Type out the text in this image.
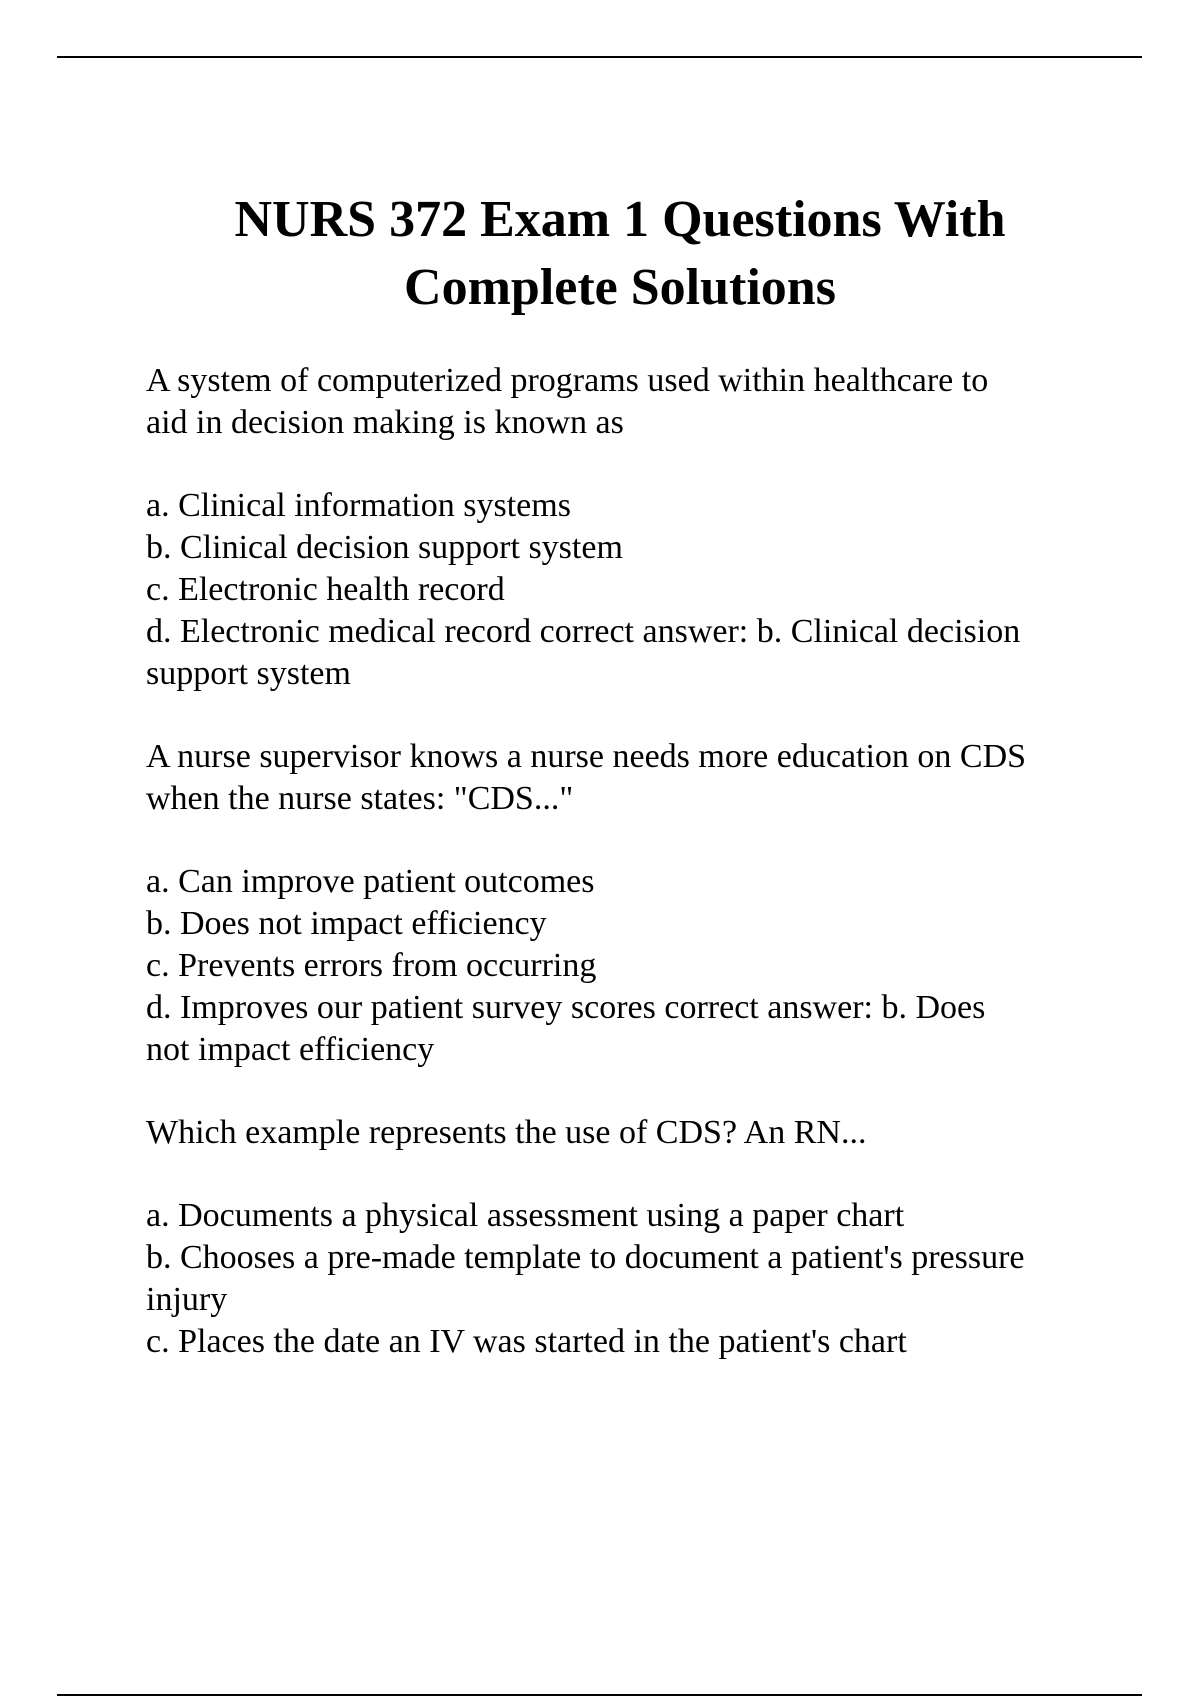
NURS 372 Exam 1 Questions With
Complete Solutions
A system of computerized programs used within healthcare to
aid in decision making is known as
a. Clinical information systems
b. Clinical decision support system
c. Electronic health record
d. Electronic medical record correct answer: b. Clinical decision
support system
A nurse supervisor knows a nurse needs more education on CDS
when the nurse states: "CDS..."
a. Can improve patient outcomes
b. Does not impact efficiency
c. Prevents errors from occurring
d. Improves our patient survey scores correct answer: b. Does
not impact efficiency
Which example represents the use of CDS? An RN...
a. Documents a physical assessment using a paper chart
b. Chooses a pre-made template to document a patient's pressure
injury
c. Places the date an IV was started in the patient's chart
